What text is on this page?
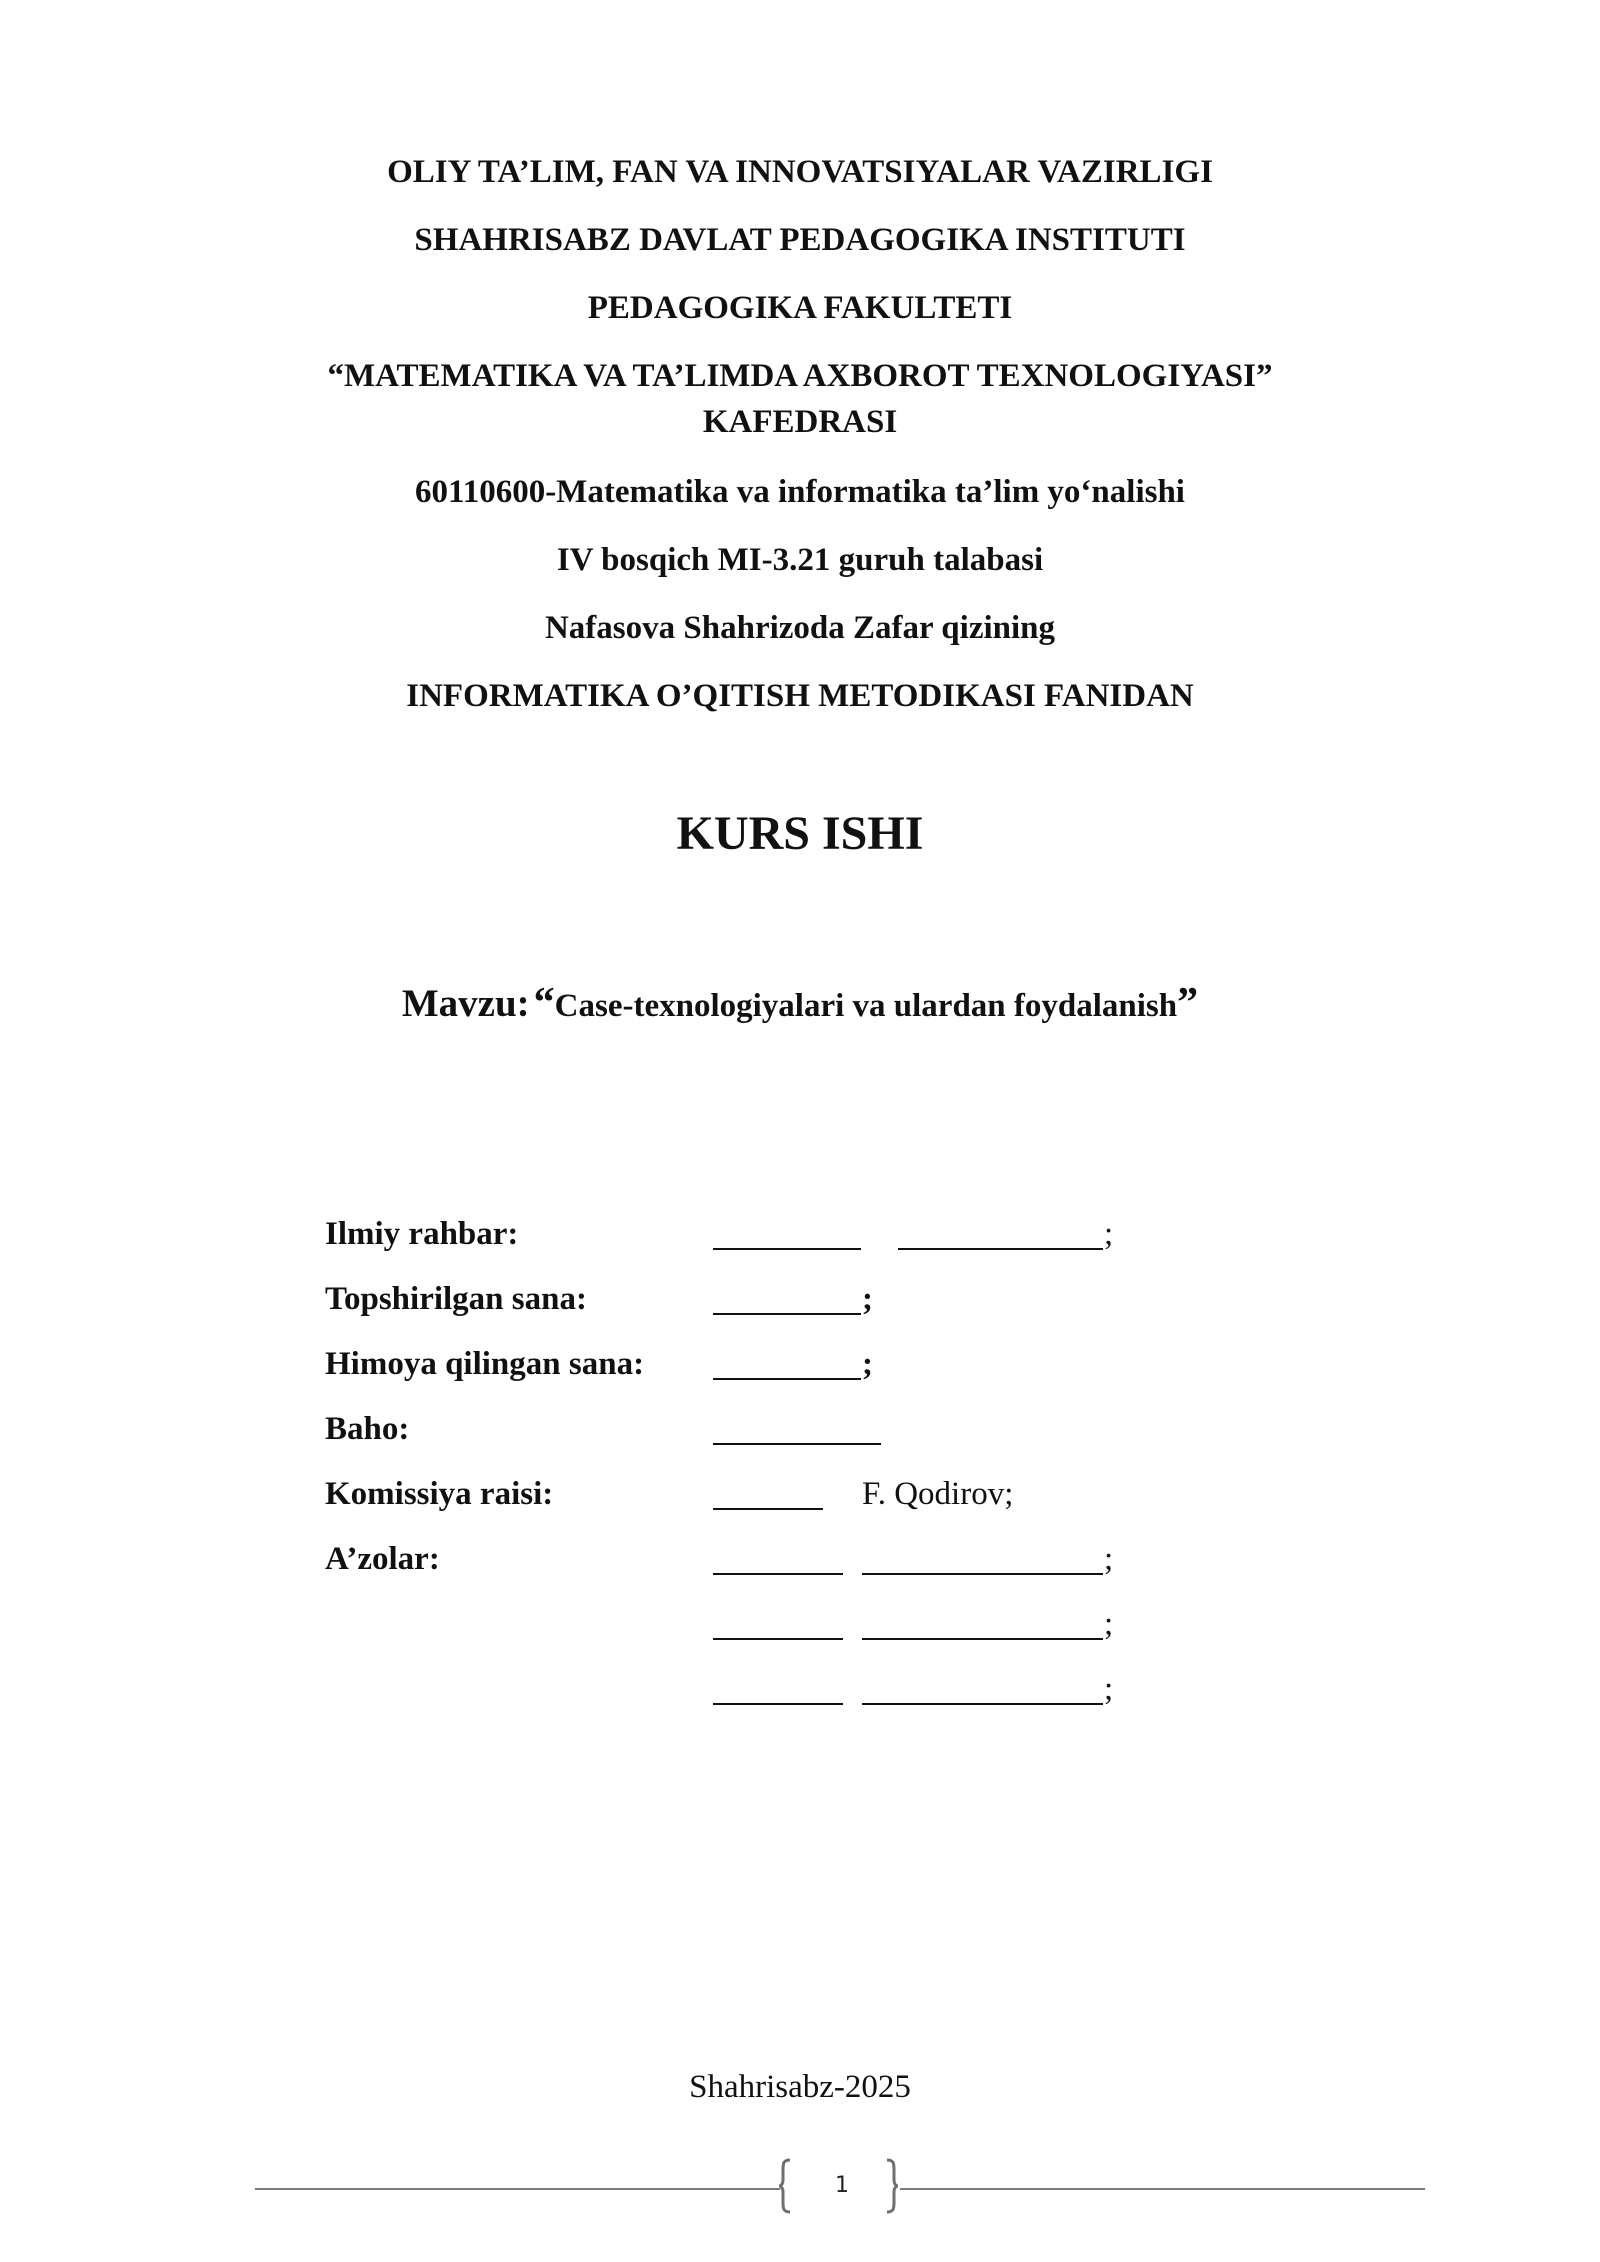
OLIY TA’LIM, FAN VA INNOVATSIYALAR VAZIRLIGI
SHAHRISABZ DAVLAT PEDAGOGIKA INSTITUTI
PEDAGOGIKA FAKULTETI
“MATEMATIKA VA TA’LIMDA AXBOROT TEXNOLOGIYASI”
KAFEDRASI
60110600-Matematika va informatika ta’lim yo‘nalishi
IV bosqich MI-3.21 guruh talabasi
Nafasova Shahrizoda Zafar qizining
INFORMATIKA O’QITISH METODIKASI FANIDAN
KURS ISHI
Mavzu: “Case-texnologiyalari va ulardan foydalanish”
Ilmiy rahbar:	;
Topshirilgan sana:	;
Himoya qilingan sana:	;
Baho:
Komissiya raisi:	F. Qodirov;
A’zolar:	;
;
;
Shahrisabz-2025
1
